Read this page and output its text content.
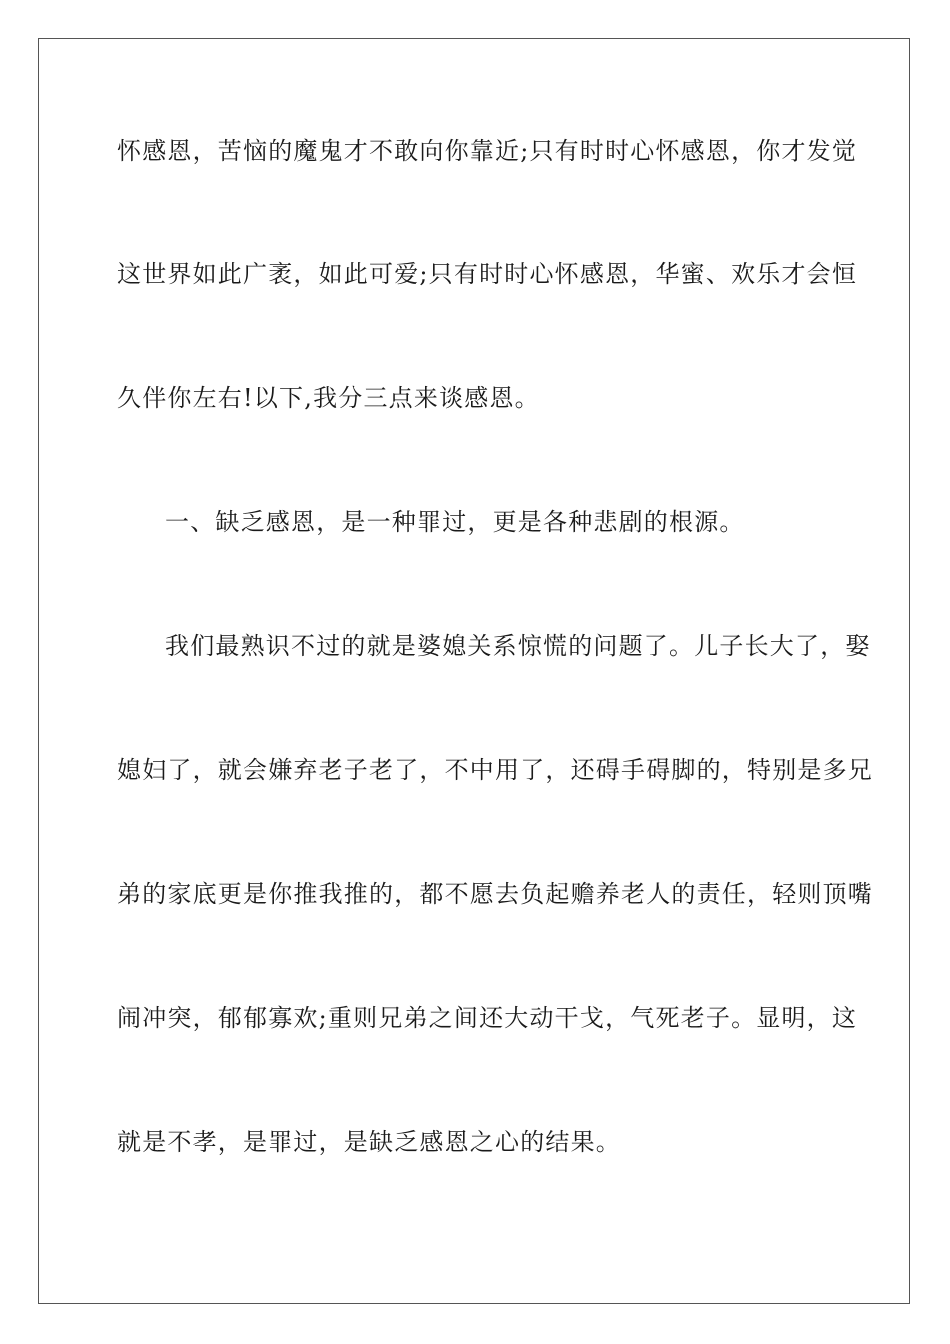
怀感恩，苦恼的魔鬼才不敢向你靠近;只有时时心怀感恩，你才发觉
这世界如此广袤，如此可爱;只有时时心怀感恩，华蜜、欢乐才会恒
久伴你左右!以下,我分三点来谈感恩。
一、缺乏感恩，是一种罪过，更是各种悲剧的根源。
我们最熟识不过的就是婆媳关系惊慌的问题了。儿子长大了，娶
媳妇了，就会嫌弃老子老了，不中用了，还碍手碍脚的，特别是多兄
弟的家底更是你推我推的，都不愿去负起赡养老人的责任，轻则顶嘴
闹冲突，郁郁寡欢;重则兄弟之间还大动干戈，气死老子。显明，这
就是不孝，是罪过，是缺乏感恩之心的结果。
